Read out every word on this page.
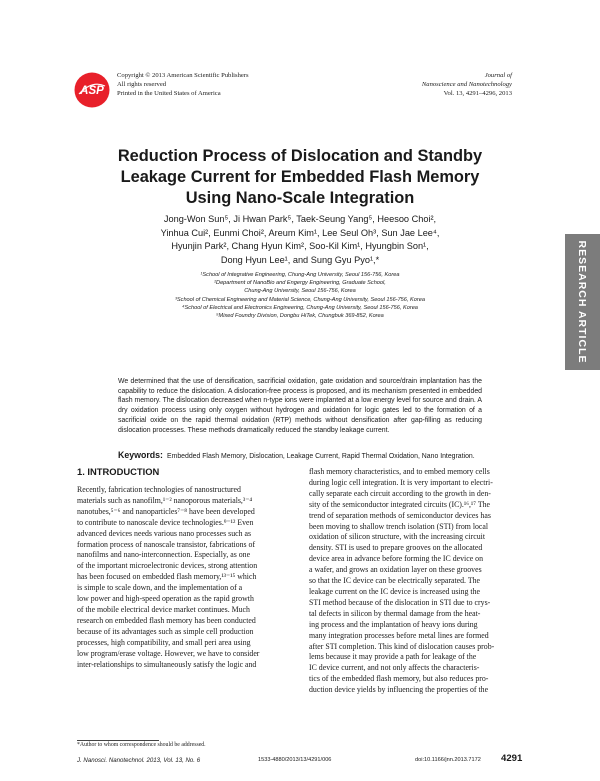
ASP
Copyright © 2013 American Scientific Publishers
All rights reserved
Printed in the United States of America
Journal of
Nanoscience and Nanotechnology
Vol. 13, 4291–4296, 2013
Reduction Process of Dislocation and Standby
Leakage Current for Embedded Flash Memory
Using Nano-Scale Integration
Jong-Won Sun⁵, Ji Hwan Park⁵, Taek-Seung Yang⁵, Heesoo Choi²,
Yinhua Cui², Eunmi Choi², Areum Kim¹, Lee Seul Oh³, Sun Jae Lee⁴,
Hyunjin Park², Chang Hyun Kim², Soo-Kil Kim¹, Hyungbin Son¹,
Dong Hyun Lee¹, and Sung Gyu Pyo¹,*
¹School of Integrative Engineering, Chung-Ang University, Seoul 156-756, Korea
²Department of NanoBio and Engergy Engineering, Graduate School,
Chung-Ang University, Seoul 156-756, Korea
³School of Chemical Engineering and Material Science, Chung-Ang University, Seoul 156-756, Korea
⁴School of Electrical and Electronics Engineering, Chung-Ang University, Seoul 156-756, Korea
⁵Mixed Foundry Division, Dongbu HiTek, Chungbuk 369-852, Korea	RESEARCH ARTICLE
We determined that the use of densification, sacrificial oxidation, gate oxidation and source/drain implantation has the capability to reduce the dislocation. A dislocation-free process is proposed, and its mechanism presented in embedded flash memory. The dislocation decreased when n-type ions were implanted at a low energy level for source and drain. A dry oxidation process using only oxygen without hydrogen and oxidation for logic gates led to the formation of a sacrificial oxide on the rapid thermal oxidation (RTP) methods without densification after gap-filling as reducing dislocation processes. These methods dramatically reduced the standby leakage current.
Keywords: Embedded Flash Memory, Dislocation, Leakage Current, Rapid Thermal Oxidation, Nano Integration.
1. INTRODUCTION
Recently, fabrication technologies of nanostructured
materials such as nanofilm,¹⁻² nanoporous materials,³⁻⁴
nanotubes,⁵⁻⁶ and nanoparticles⁷⁻⁸ have been developed
to contribute to nanoscale device technologies.⁹⁻¹² Even
advanced devices needs various nano processes such as
formation process of nanoscale transistor, fabrications of
nanofilms and nano-interconnection. Especially, as one
of the important microelectronic devices, strong attention
has been focused on embedded flash memory,¹³⁻¹⁵ which
is simple to scale down, and the implementation of a
low power and high-speed operation as the rapid growth
of the mobile electrical device market continues. Much
research on embedded flash memory has been conducted
because of its advantages such as simple cell production
processes, high compatibility, and small peri area using
low program/erase voltage. However, we have to consider
inter-relationships to simultaneously satisfy the logic and
flash memory characteristics, and to embed memory cells
during logic cell integration. It is very important to electri-
cally separate each circuit according to the growth in den-
sity of the semiconductor integrated circuits (IC).¹⁶,¹⁷ The
trend of separation methods of semiconductor devices has
been moving to shallow trench isolation (STI) from local
oxidation of silicon structure, with the increasing circuit
density. STI is used to prepare grooves on the allocated
device area in advance before forming the IC device on
a wafer, and grows an oxidation layer on these grooves
so that the IC device can be electrically separated. The
leakage current on the IC device is increased using the
STI method because of the dislocation in STI due to crys-
tal defects in silicon by thermal damage from the heat-
ing process and the implantation of heavy ions during
many integration processes before metal lines are formed
after STI completion. This kind of dislocation causes prob-
lems because it may provide a path for leakage of the
IC device current, and not only affects the characteris-
tics of the embedded flash memory, but also reduces pro-
duction device yields by influencing the properties of the
*Author to whom correspondence should be addressed.
J. Nanosci. Nanotechnol. 2013, Vol. 13, No. 6	1533-4880/2013/13/4291/006	doi:10.1166/jnn.2013.7172 4291
